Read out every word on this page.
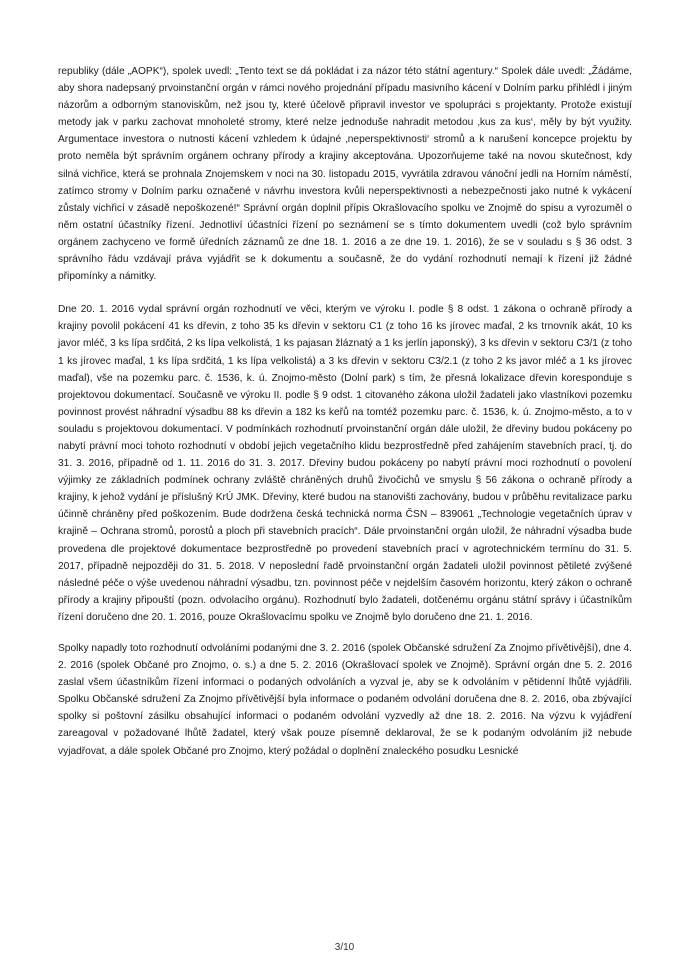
republiky (dále „AOPK“), spolek uvedl: „Tento text se dá pokládat i za názor této státní agentury.“ Spolek dále uvedl: „Žádáme, aby shora nadepsaný prvoinstanční orgán v rámci nového projednání případu masivního kácení v Dolním parku přihlédl i jiným názorům a odborným stanoviskům, než jsou ty, které účelově připravil investor ve spolupráci s projektanty. Protože existují metody jak v parku zachovat mnoholeté stromy, které nelze jednoduše nahradit metodou ‚kus za kus‘, měly by být využity. Argumentace investora o nutnosti kácení vzhledem k údajné ‚neperspektivnosti‘ stromů a k narušení koncepce projektu by proto neměla být správním orgánem ochrany přírody a krajiny akceptována. Upozorňujeme také na novou skutečnost, kdy silná vichřice, která se prohnala Znojemskem v noci na 30. listopadu 2015, vyvrátila zdravou vánoční jedli na Horním náměstí, zatímco stromy v Dolním parku označené v návrhu investora kvůli neperspektivnosti a nebezpečnosti jako nutné k vykácení zůstaly vichřicí v zásadě nepoškozené!“ Správní orgán doplnil přípis Okrašlovacího spolku ve Znojmě do spisu a vyrozuměl o něm ostatní účastníky řízení. Jednotliví účastníci řízení po seznámení se s tímto dokumentem uvedli (což bylo správním orgánem zachyceno ve formě úředních záznamů ze dne 18. 1. 2016 a ze dne 19. 1. 2016), že se v souladu s § 36 odst. 3 správního řádu vzdávají práva vyjádřit se k dokumentu a současně, že do vydání rozhodnutí nemají k řízení již žádné připomínky a námitky.

Dne 20. 1. 2016 vydal správní orgán rozhodnutí ve věci, kterým ve výroku I. podle § 8 odst. 1 zákona o ochraně přírody a krajiny povolil pokácení 41 ks dřevin, z toho 35 ks dřevin v sektoru C1 (z toho 16 ks jírovec maďal, 2 ks trnovník akát, 10 ks javor mléč, 3 ks lípa srdčitá, 2 ks lípa velkolistá, 1 ks pajasan žláznatý a 1 ks jerlín japonský), 3 ks dřevin v sektoru C3/1 (z toho 1 ks jírovec maďal, 1 ks lípa srdčitá, 1 ks lípa velkolistá) a 3 ks dřevin v sektoru C3/2.1 (z toho 2 ks javor mléč a 1 ks jírovec maďal), vše na pozemku parc. č. 1536, k. ú. Znojmo-město (Dolní park) s tím, že přesná lokalizace dřevin koresponduje s projektovou dokumentací. Současně ve výroku II. podle § 9 odst. 1 citovaného zákona uložil žadateli jako vlastníkovi pozemku povinnost provést náhradní výsadbu 88 ks dřevin a 182 ks keřů na tomtéž pozemku parc. č. 1536, k. ú. Znojmo-město, a to v souladu s projektovou dokumentací. V podmínkách rozhodnutí prvoinstanční orgán dále uložil, že dřeviny budou pokáceny po nabytí právní moci tohoto rozhodnutí v období jejich vegetačního klidu bezprostředně před zahájením stavebních prací, tj. do 31. 3. 2016, případně od 1. 11. 2016 do 31. 3. 2017. Dřeviny budou pokáceny po nabytí právní moci rozhodnutí o povolení výjimky ze základních podmínek ochrany zvláště chráněných druhů živočichů ve smyslu § 56 zákona o ochraně přírody a krajiny, k jehož vydání je příslušný KrÚ JMK. Dřeviny, které budou na stanovišti zachovány, budou v průběhu revitalizace parku účinně chráněny před poškozením. Bude dodržena česká technická norma ČSN – 839061 „Technologie vegetačních úprav v krajině – Ochrana stromů, porostů a ploch při stavebních pracích“. Dále prvoinstanční orgán uložil, že náhradní výsadba bude provedena dle projektové dokumentace bezprostředně po provedení stavebních prací v agrotechnickém termínu do 31. 5. 2017, případně nejpozději do 31. 5. 2018. V neposlední řadě prvoinstanční orgán žadateli uložil povinnost pětileté zvýšené následné péče o výše uvedenou náhradní výsadbu, tzn. povinnost péče v nejdelším časovém horizontu, který zákon o ochraně přírody a krajiny připouští (pozn. odvolacího orgánu). Rozhodnutí bylo žadateli, dotčenému orgánu státní správy i účastníkům řízení doručeno dne 20. 1. 2016, pouze Okrašlovacímu spolku ve Znojmě bylo doručeno dne 21. 1. 2016.

Spolky napadly toto rozhodnutí odvoláními podanými dne 3. 2. 2016 (spolek Občanské sdružení Za Znojmo přívětivější), dne 4. 2. 2016 (spolek Občané pro Znojmo, o. s.) a dne 5. 2. 2016 (Okrašlovací spolek ve Znojmě). Správní orgán dne 5. 2. 2016 zaslal všem účastníkům řízení informaci o podaných odvoláních a vyzval je, aby se k odvoláním v pětidenní lhůtě vyjádřili. Spolku Občanské sdružení Za Znojmo přívětivější byla informace o podaném odvolání doručena dne 8. 2. 2016, oba zbývající spolky si poštovní zásilku obsahující informaci o podaném odvolání vyzvedly až dne 18. 2. 2016. Na výzvu k vyjádření zareagoval v požadované lhůtě žadatel, který však pouze písemně deklaroval, že se k podaným odvoláním již nebude vyjadřovat, a dále spolek Občané pro Znojmo, který požádal o doplnění znaleckého posudku Lesnické

3/10
